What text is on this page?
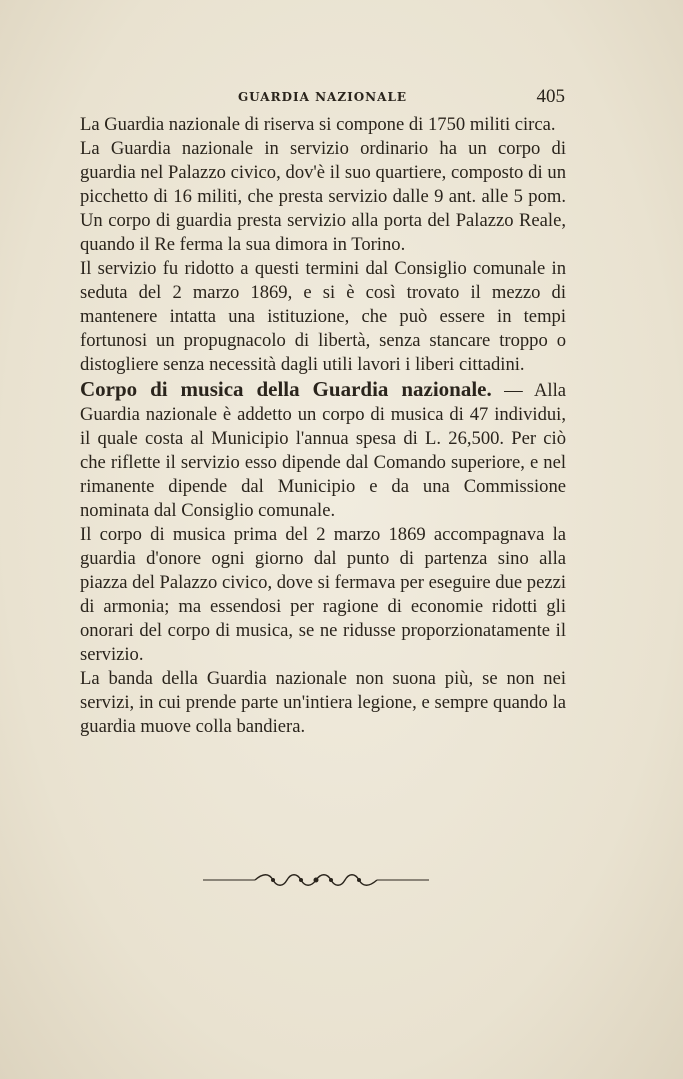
GUARDIA NAZIONALE	405

La Guardia nazionale di riserva si compone di 1750 militi circa.

La Guardia nazionale in servizio ordinario ha un corpo di guardia nel Palazzo civico, dov'è il suo quartiere, composto di un picchetto di 16 militi, che presta servizio dalle 9 ant. alle 5 pom. Un corpo di guardia presta servizio alla porta del Palazzo Reale, quando il Re ferma la sua dimora in Torino.

Il servizio fu ridotto a questi termini dal Consiglio comunale in seduta del 2 marzo 1869, e si è così trovato il mezzo di mantenere intatta una istituzione, che può essere in tempi fortunosi un propugnacolo di libertà, senza stancare troppo o distogliere senza necessità dagli utili lavori i liberi cittadini.

Corpo di musica della Guardia nazionale. — Alla Guardia nazionale è addetto un corpo di musica di 47 individui, il quale costa al Municipio l'annua spesa di L. 26,500. Per ciò che riflette il servizio esso dipende dal Comando superiore, e nel rimanente dipende dal Municipio e da una Commissione nominata dal Consiglio comunale.

Il corpo di musica prima del 2 marzo 1869 accompagnava la guardia d'onore ogni giorno dal punto di partenza sino alla piazza del Palazzo civico, dove si fermava per eseguire due pezzi di armonia; ma essendosi per ragione di economie ridotti gli onorari del corpo di musica, se ne ridusse proporzionatamente il servizio.

La banda della Guardia nazionale non suona più, se non nei servizi, in cui prende parte un'intiera legione, e sempre quando la guardia muove colla bandiera.
